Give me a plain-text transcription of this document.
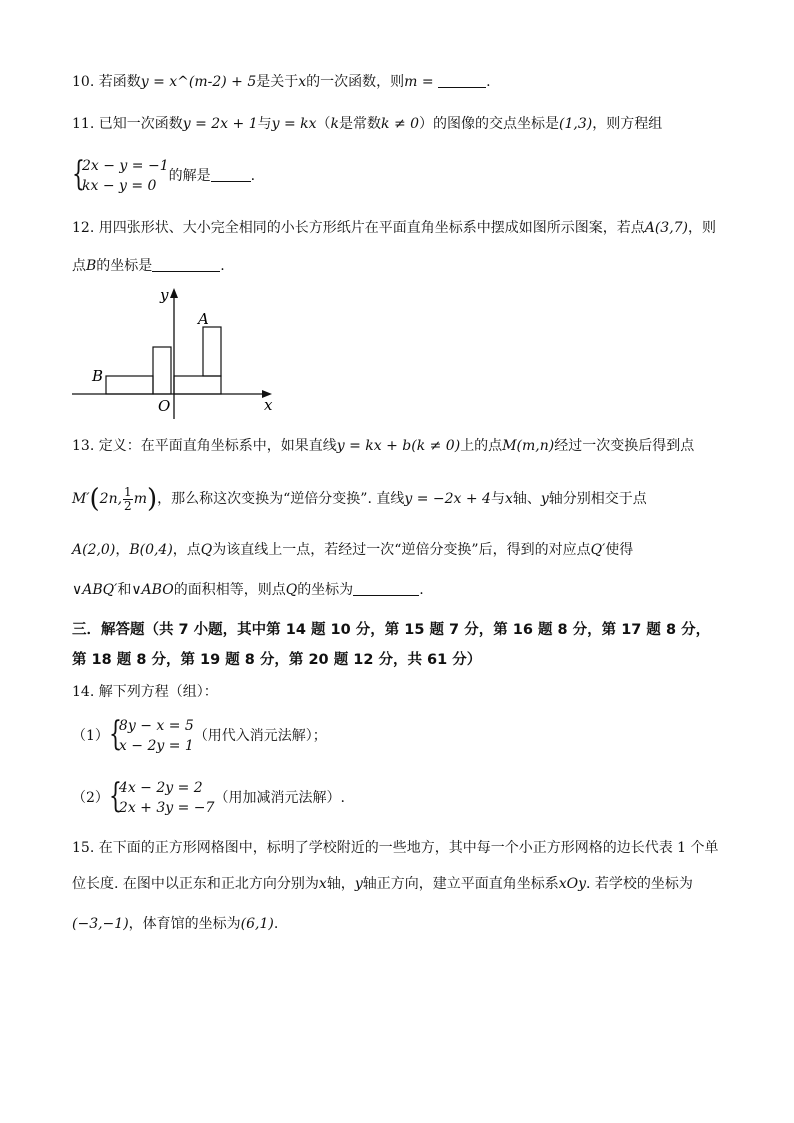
10. 若函数y = x^(m-2) + 5是关于x的一次函数，则m =	.
11. 已知一次函数y = 2x + 1与y = kx（k是常数k ≠ 0）的图像的交点坐标是(1,3)，则方程组
{
2x − y = −1
kx − y = 0
的解是	.
12. 用四张形状、大小完全相同的小长方形纸片在平面直角坐标系中摆成如图所示图案，若点A(3,7)，则
点B的坐标是	.
y
x
A
B
O
13. 定义：在平面直角坐标系中，如果直线y = kx + b(k ≠ 0)上的点M(m,n)经过一次变换后得到点
M′(2n, $\frac{1}{2} m$)，那么称这次变换为“逆倍分变换”. 直线y = −2x + 4与x轴、y轴分别相交于点
A(2,0)，B(0,4)，点Q为该直线上一点，若经过一次“逆倍分变换”后，得到的对应点Q′使得
∨ABQ′和∨ABO的面积相等，则点Q的坐标为	.
三．解答题（共 7 小题，其中第 14 题 10 分，第 15 题 7 分，第 16 题 8 分，第 17 题 8 分，
第 18 题 8 分，第 19 题 8 分，第 20 题 12 分，共 61 分）
14. 解下列方程（组）：
（1） {
8y − x = 5
x − 2y = 1
（用代入消元法解）；
（2） {
4x − 2y = 2
2x + 3y = −7
（用加减消元法解）.
15. 在下面的正方形网格图中，标明了学校附近的一些地方，其中每一个小正方形网格的边长代表 1 个单
位长度. 在图中以正东和正北方向分别为x轴，y轴正方向，建立平面直角坐标系xOy. 若学校的坐标为
(−3,−1)，体育馆的坐标为(6,1).
